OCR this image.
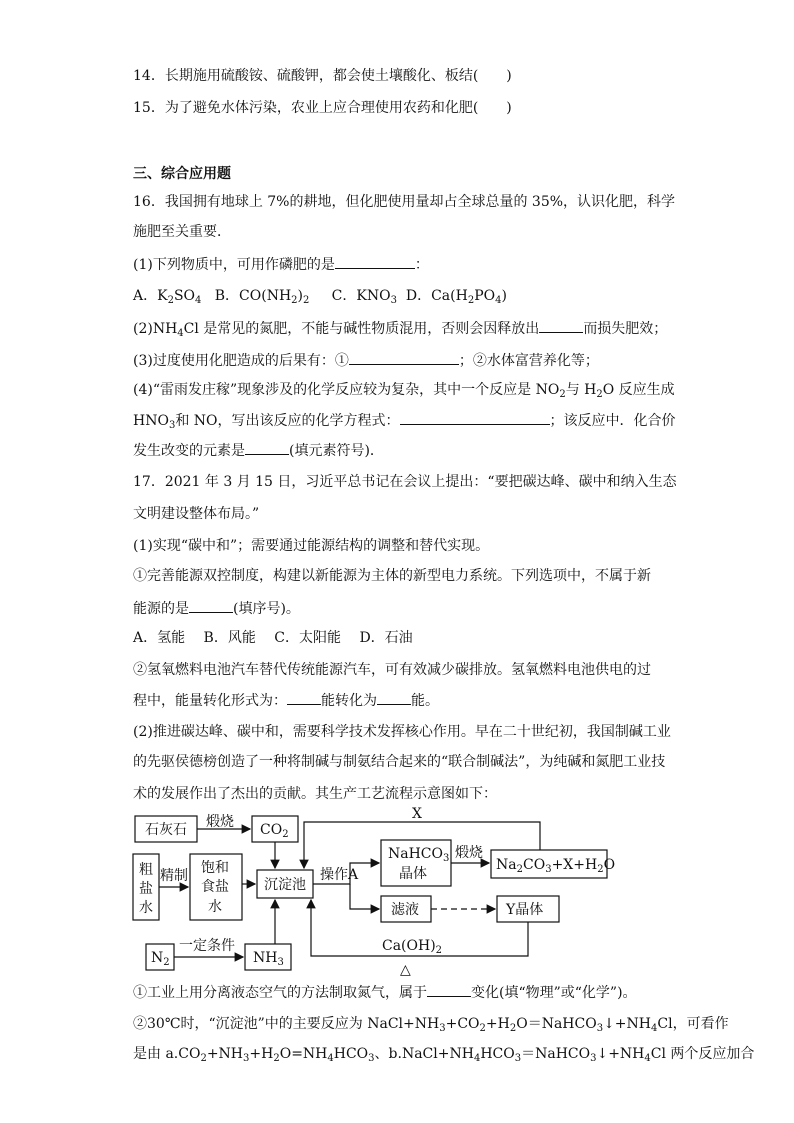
14．长期施用硫酸铵、硫酸钾，都会使土壤酸化、板结(　　)
15．为了避免水体污染，农业上应合理使用农药和化肥(　　)
三、综合应用题
16．我国拥有地球上 7%的耕地，但化肥使用量却占全球总量的 35%，认识化肥，科学
施肥至关重要．
(1)下列物质中，可用作磷肥的是	：
A．$K_2SO_4$ B．$CO(NH_2)_2$ C．$KNO_3$ D．$Ca(H_2PO_4)$
$(2)NH_4Cl$ 是常见的氮肥，不能与碱性物质混用，否则会因释放出	而损失肥效；
(3)过度使用化肥造成的后果有：①	；②水体富营养化等；
(4)“雷雨发庄稼”现象涉及的化学反应较为复杂，其中一个反应是 $NO_2$与 $H_2O$ 反应生成
$HNO_3$和 NO，写出该反应的化学方程式：	；该反应中．化合价
发生改变的元素是	(填元素符号)．
17．2021 年 3 月 15 日，习近平总书记在会议上提出：“要把碳达峰、碳中和纳入生态
文明建设整体布局。”
(1)实现“碳中和”；需要通过能源结构的调整和替代实现。
①完善能源双控制度，构建以新能源为主体的新型电力系统。下列选项中，不属于新
能源的是	(填序号)。
A．氢能　 B．风能　 C．太阳能　 D．石油
②氢氧燃料电池汽车替代传统能源汽车，可有效减少碳排放。氢氧燃料电池供电的过
程中，能量转化形式为： 能转化为 能。
(2)推进碳达峰、碳中和，需要科学技术发挥核心作用。早在二十世纪初，我国制碱工业
的先驱侯德榜创造了一种将制碱与制氨结合起来的“联合制碱法”，为纯碱和氮肥工业技
术的发展作出了杰出的贡献。其生产工艺流程示意图如下：
石灰石 煅烧 $CO_2$
X
粗
盐
水
精制 饱和
食盐
水
沉淀池
操作A
NaHCO$_3$
晶体
煅烧
$Na_2CO_3+X+H_2O$
滤液	Y晶体
$N_2$
一定条件
$NH_3$
$Ca(OH)_2$
△
①工业上用分离液态空气的方法制取氮气，属于	变化(填“物理”或“化学”)。
②30℃时，“沉淀池”中的主要反应为 $NaCl+NH_3+CO_2+H_2O=NaHCO_3↓+NH_4Cl$，可看作
是由 $a.CO_2+NH_3+H_2O=NH_4HCO_3$、$b.NaCl+NH_4HCO_3=NaHCO_3↓+NH_4Cl$ 两个反应加合
